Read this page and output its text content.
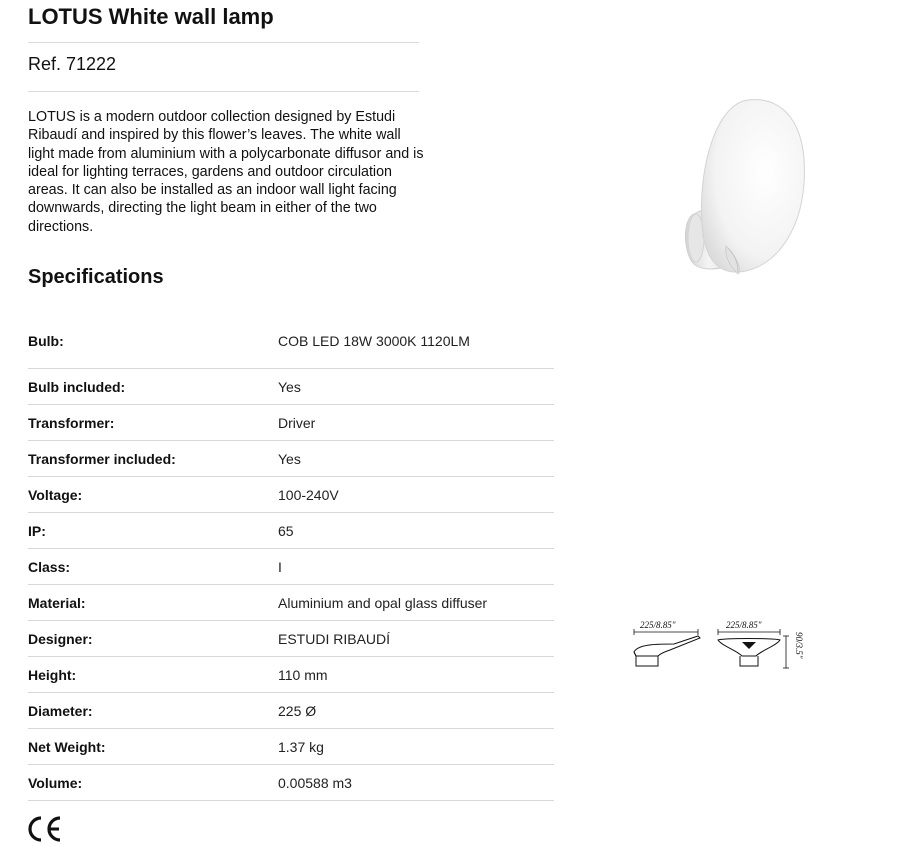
LOTUS White wall lamp
Ref. 71222

LOTUS is a modern outdoor collection designed by Estudi Ribaudí and inspired by this flower’s leaves. The white wall light made from aluminium with a polycarbonate diffusor and is ideal for lighting terraces, gardens and outdoor circulation areas. It can also be installed as an indoor wall light facing downwards, directing the light beam in either of the two directions.

Specifications
Bulb:	COB LED 18W 3000K 1120LM
Bulb included:	Yes
Transformer:	Driver
Transformer included:	Yes
Voltage:	100-240V
IP:	65
Class:	I
Material:	Aluminium and opal glass diffuser
Designer:	ESTUDI RIBAUDÍ
Height:	110 mm
Diameter:	225 Ø
Net Weight:	1.37 kg
Volume:	0.00588 m3
225/8.85"	225/8.85"
90/3.5"
